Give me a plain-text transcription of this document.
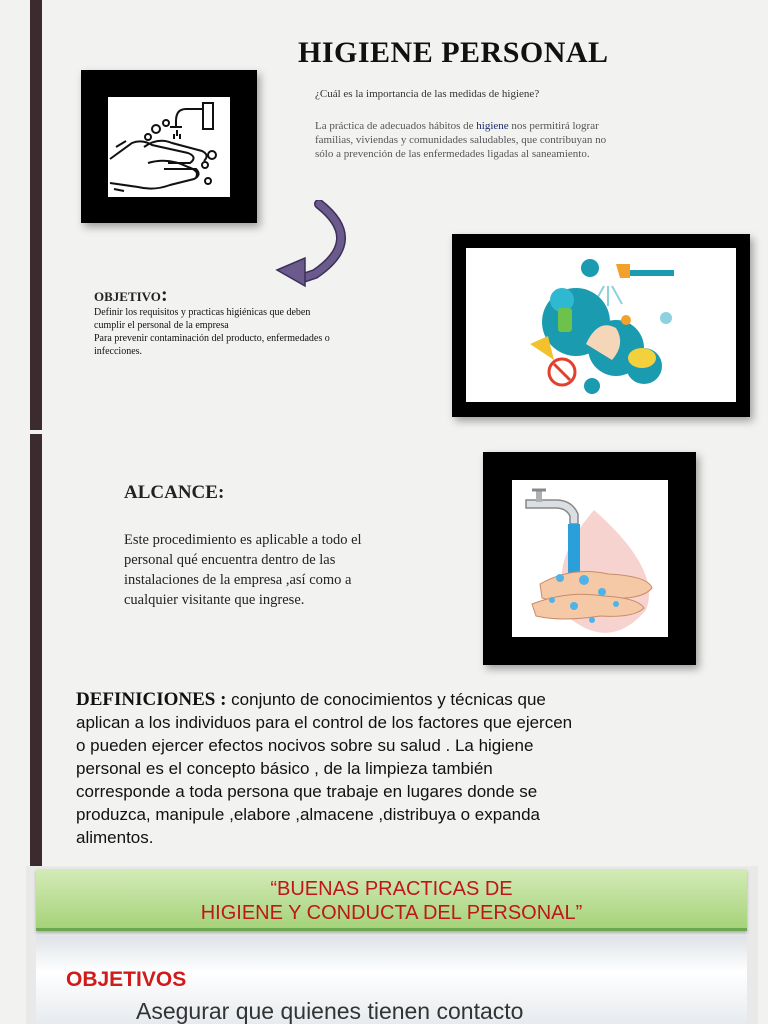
HIGIENE PERSONAL
¿Cuál es la importancia de las medidas de higiene?
La práctica de adecuados hábitos de higiene nos permitirá lograr familias, viviendas y comunidades saludables, que contribuyan no sólo a prevención de las enfermedades ligadas al saneamiento.
OBJETIVO:
Definir los requisitos y practicas higiénicas que deben cumplir el personal de la empresa
Para prevenir contaminación del producto, enfermedades o infecciones.
ALCANCE:
Este procedimiento es aplicable a todo el personal qué encuentra dentro de las instalaciones de la empresa ,así como a cualquier visitante que ingrese.
DEFINICIONES : conjunto de conocimientos y técnicas que aplican a los individuos para el control de los factores que ejercen o pueden ejercer efectos nocivos sobre su salud . La higiene personal es el concepto básico , de la limpieza también corresponde a toda persona que trabaje en lugares donde se produzca, manipule ,elabore ,almacene ,distribuya o expanda alimentos.
“BUENAS PRACTICAS DE
HIGIENE Y CONDUCTA DEL PERSONAL”
OBJETIVOS
Asegurar que quienes tienen contacto
